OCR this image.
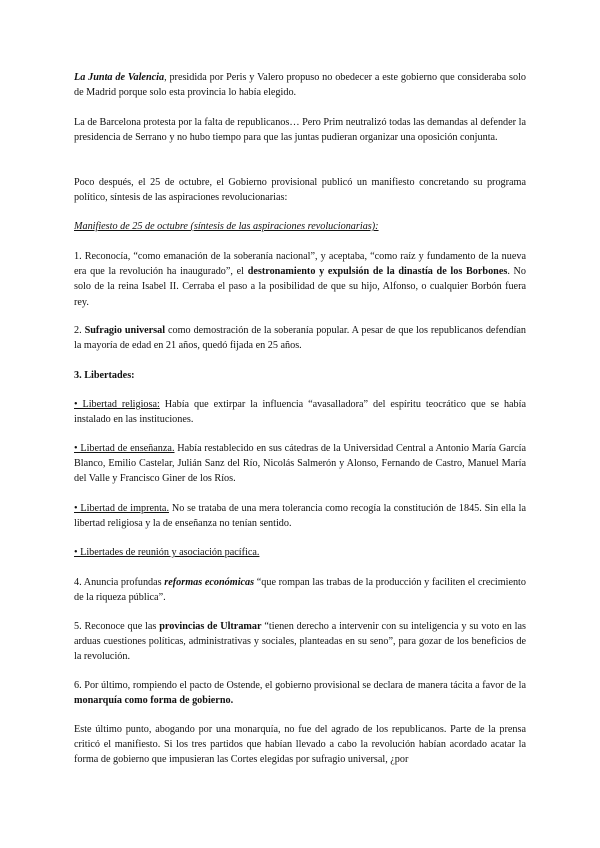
La Junta de Valencia, presidida por Peris y Valero propuso no obedecer a este gobierno que consideraba solo de Madrid porque solo esta provincia lo había elegido.

La de Barcelona protesta por la falta de republicanos… Pero Prim neutralizó todas las demandas al defender la presidencia de Serrano y no hubo tiempo para que las juntas pudieran organizar una oposición conjunta.

Poco después, el 25 de octubre, el Gobierno provisional publicó un manifiesto concretando su programa político, síntesis de las aspiraciones revolucionarias:

Manifiesto de 25 de octubre (síntesis de las aspiraciones revolucionarias):

1. Reconocía, “como emanación de la soberanía nacional”, y aceptaba, “como raíz y fundamento de la nueva era que la revolución ha inaugurado”, el destronamiento y expulsión de la dinastía de los Borbones. No solo de la reina Isabel II. Cerraba el paso a la posibilidad de que su hijo, Alfonso, o cualquier Borbón fuera rey.

2. Sufragio universal como demostración de la soberanía popular. A pesar de que los republicanos defendían la mayoría de edad en 21 años, quedó fijada en 25 años.

3. Libertades:

• Libertad religiosa: Había que extirpar la influencia “avasalladora” del espíritu teocrático que se había instalado en las instituciones.

• Libertad de enseñanza. Había restablecido en sus cátedras de la Universidad Central a Antonio María García Blanco, Emilio Castelar, Julián Sanz del Río, Nicolás Salmerón y Alonso, Fernando de Castro, Manuel María del Valle y Francisco Giner de los Ríos.

• Libertad de imprenta. No se trataba de una mera tolerancia como recogía la constitución de 1845. Sin ella la libertad religiosa y la de enseñanza no tenían sentido.

• Libertades de reunión y asociación pacífica.

4. Anuncia profundas reformas económicas “que rompan las trabas de la producción y faciliten el crecimiento de la riqueza pública”.

5. Reconoce que las provincias de Ultramar “tienen derecho a intervenir con su inteligencia y su voto en las arduas cuestiones políticas, administrativas y sociales, planteadas en su seno”, para gozar de los beneficios de la revolución.

6. Por último, rompiendo el pacto de Ostende, el gobierno provisional se declara de manera tácita a favor de la monarquía como forma de gobierno.

Este último punto, abogando por una monarquía, no fue del agrado de los republicanos. Parte de la prensa criticó el manifiesto. Si los tres partidos que habían llevado a cabo la revolución habían acordado acatar la forma de gobierno que impusieran las Cortes elegidas por sufragio universal, ¿por
